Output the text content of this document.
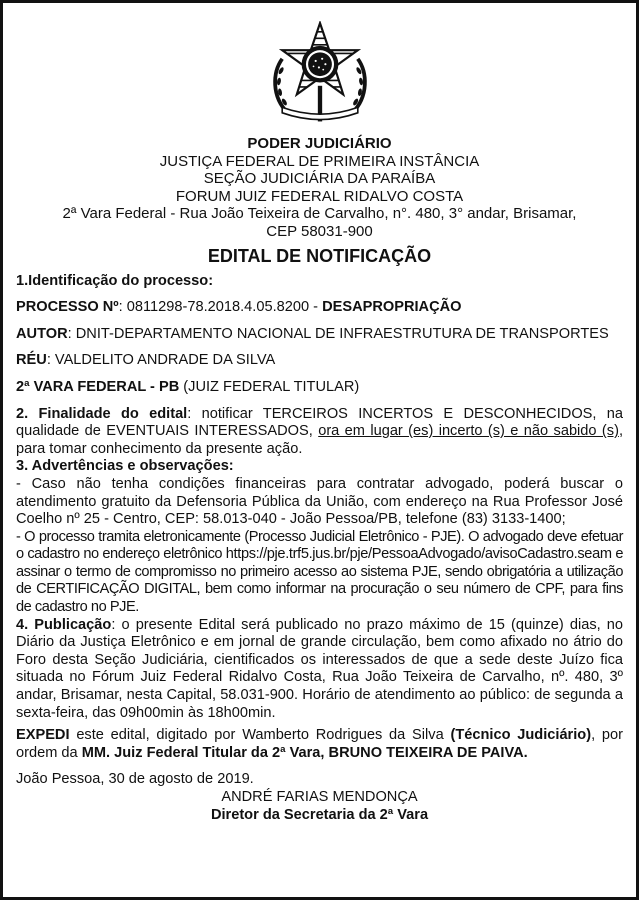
PODER JUDICIÁRIO

JUSTIÇA FEDERAL DE PRIMEIRA INSTÂNCIA

SEÇÃO JUDICIÁRIA DA PARAÍBA

FORUM JUIZ FEDERAL RIDALVO COSTA

2ª Vara Federal - Rua João Teixeira de Carvalho, n°. 480, 3° andar, Brisamar,

CEP 58031-900

EDITAL DE NOTIFICAÇÃO

1.Identificação do processo:

PROCESSO Nº: 0811298-78.2018.4.05.8200 - DESAPROPRIAÇÃO

AUTOR: DNIT-DEPARTAMENTO NACIONAL DE INFRAESTRUTURA DE TRANSPORTES

RÉU: VALDELITO ANDRADE DA SILVA

2ª VARA FEDERAL - PB (JUIZ FEDERAL TITULAR)

2. Finalidade do edital: notificar TERCEIROS INCERTOS E DESCONHECIDOS, na qualidade de EVENTUAIS INTERESSADOS, ora em lugar (es) incerto (s) e não sabido (s), para tomar conhecimento da presente ação.

3. Advertências e observações:

- Caso não tenha condições financeiras para contratar advogado, poderá buscar o atendimento gratuito da Defensoria Pública da União, com endereço na Rua Professor José Coelho nº 25 - Centro, CEP: 58.013-040 - João Pessoa/PB, telefone (83) 3133-1400;

- O processo tramita eletronicamente (Processo Judicial Eletrônico - PJE). O advogado deve efetuar o cadastro no endereço eletrônico https://pje.trf5.jus.br/pje/PessoaAdvogado/avisoCadastro.seam e assinar o termo de compromisso no primeiro acesso ao sistema PJE, sendo obrigatória a utilização de CERTIFICAÇÃO DIGITAL, bem como informar na procuração o seu número de CPF, para fins de cadastro no PJE.

4. Publicação: o presente Edital será publicado no prazo máximo de 15 (quinze) dias, no Diário da Justiça Eletrônico e em jornal de grande circulação, bem como afixado no átrio do Foro desta Seção Judiciária, cientificados os interessados de que a sede deste Juízo fica situada no Fórum Juiz Federal Ridalvo Costa, Rua João Teixeira de Carvalho, nº. 480, 3º andar, Brisamar, nesta Capital, 58.031-900. Horário de atendimento ao público: de segunda a sexta-feira, das 09h00min às 18h00min.

EXPEDI este edital, digitado por Wamberto Rodrigues da Silva (Técnico Judiciário), por ordem da MM. Juiz Federal Titular da 2ª Vara, BRUNO TEIXEIRA DE PAIVA.

João Pessoa, 30 de agosto de 2019.

ANDRÉ FARIAS MENDONÇA

Diretor da Secretaria da 2ª Vara
